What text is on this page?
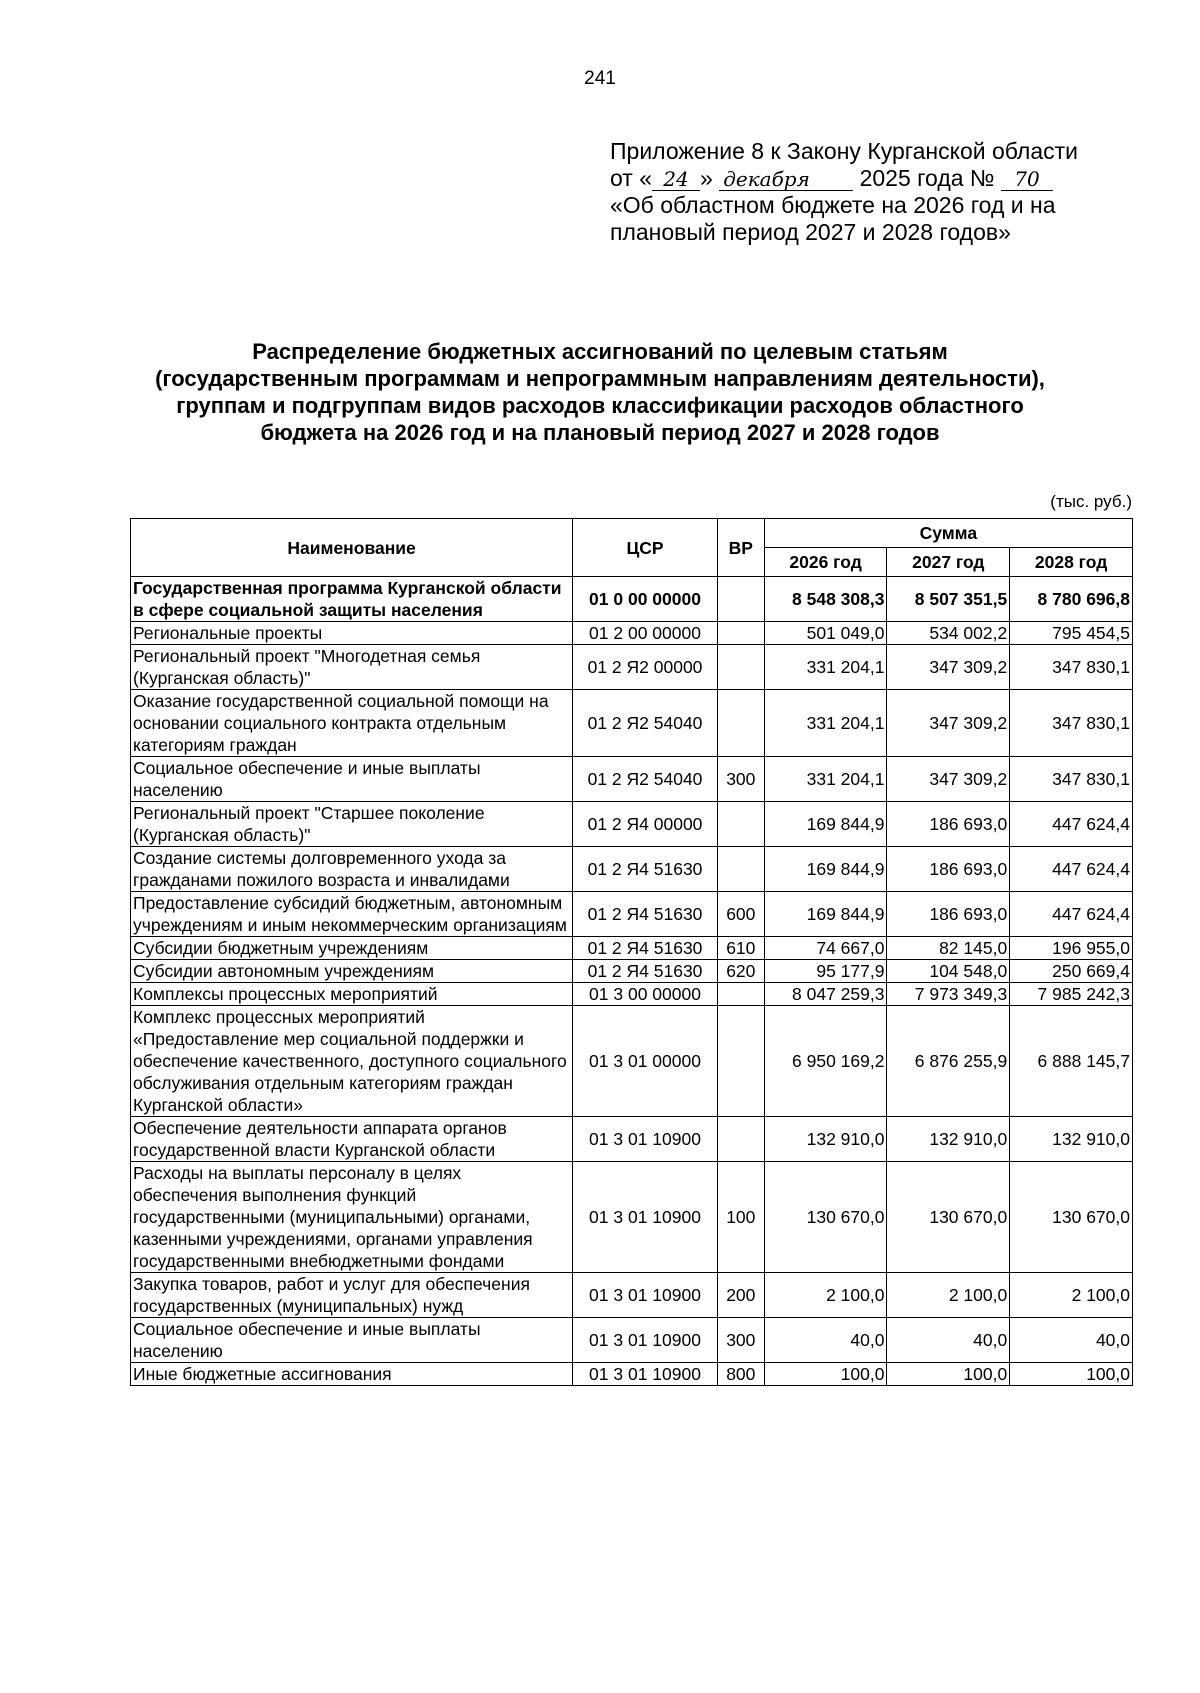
241
Приложение 8 к Закону Курганской области
от « 24 » декабря 2025 года № 70
«Об областном бюджете на 2026 год и на
плановый период 2027 и 2028 годов»
Распределение бюджетных ассигнований по целевым статьям
(государственным программам и непрограммным направлениям деятельности),
группам и подгруппам видов расходов классификации расходов областного
бюджета на 2026 год и на плановый период 2027 и 2028 годов
(тыс. руб.)
Наименование	ЦСР	ВР	Сумма		
			2026 год	2027 год	2028 год
Государственная программа Курганской области в сфере социальной защиты населения	01 0 00 00000		8 548 308,3	8 507 351,5	8 780 696,8
Региональные проекты	01 2 00 00000		501 049,0	534 002,2	795 454,5
Региональный проект "Многодетная семья (Курганская область)"	01 2 Я2 00000		331 204,1	347 309,2	347 830,1
Оказание государственной социальной помощи на основании социального контракта отдельным категориям граждан	01 2 Я2 54040		331 204,1	347 309,2	347 830,1
Социальное обеспечение и иные выплаты населению	01 2 Я2 54040	300	331 204,1	347 309,2	347 830,1
Региональный проект "Старшее поколение (Курганская область)"	01 2 Я4 00000		169 844,9	186 693,0	447 624,4
Создание системы долговременного ухода за гражданами пожилого возраста и инвалидами	01 2 Я4 51630		169 844,9	186 693,0	447 624,4
Предоставление субсидий бюджетным, автономным учреждениям и иным некоммерческим организациям	01 2 Я4 51630	600	169 844,9	186 693,0	447 624,4
Субсидии бюджетным учреждениям	01 2 Я4 51630	610	74 667,0	82 145,0	196 955,0
Субсидии автономным учреждениям	01 2 Я4 51630	620	95 177,9	104 548,0	250 669,4
Комплексы процессных мероприятий	01 3 00 00000		8 047 259,3	7 973 349,3	7 985 242,3
Комплекс процессных мероприятий «Предоставление мер социальной поддержки и обеспечение качественного, доступного социального обслуживания отдельным категориям граждан Курганской области»	01 3 01 00000		6 950 169,2	6 876 255,9	6 888 145,7
Обеспечение деятельности аппарата органов государственной власти Курганской области	01 3 01 10900		132 910,0	132 910,0	132 910,0
Расходы на выплаты персоналу в целях обеспечения выполнения функций государственными (муниципальными) органами, казенными учреждениями, органами управления государственными внебюджетными фондами	01 3 01 10900	100	130 670,0	130 670,0	130 670,0
Закупка товаров, работ и услуг для обеспечения государственных (муниципальных) нужд	01 3 01 10900	200	2 100,0	2 100,0	2 100,0
Социальное обеспечение и иные выплаты населению	01 3 01 10900	300	40,0	40,0	40,0
Иные бюджетные ассигнования	01 3 01 10900	800	100,0	100,0	100,0
